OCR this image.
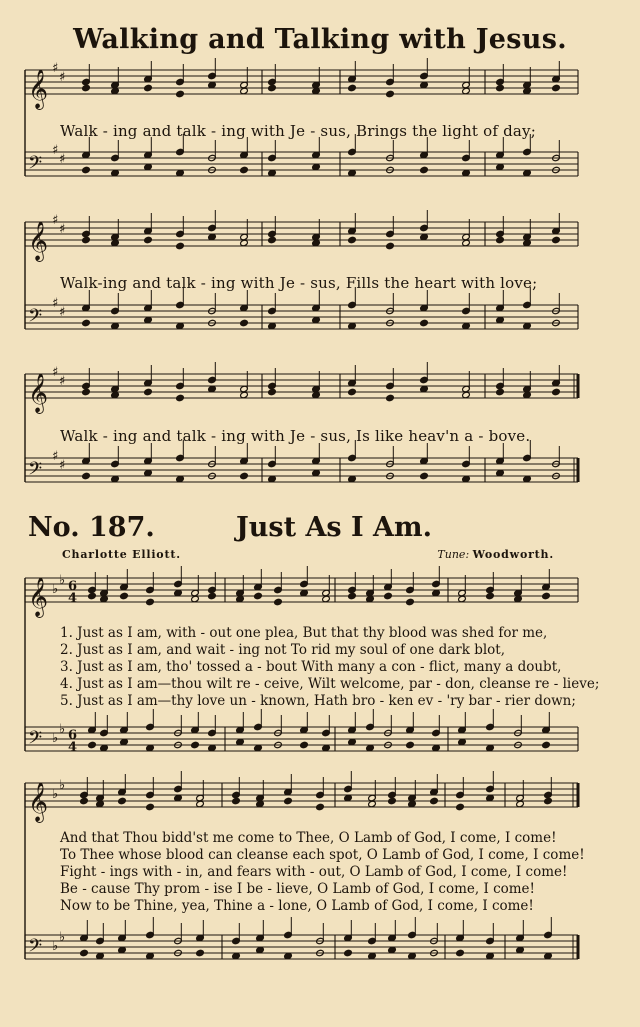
𝄞
♯
♯
𝄢
♯
♯
𝄞
♯
♯
𝄢
♯
♯
𝄞
♯
♯
𝄢
♯
♯
𝄞 ♭
♭ 6
4
𝄢 ♭
♭ 6
4
𝄞 ♭
♭
𝄢 ♭
♭
Walking and Talking with Jesus.
Walk - ing and talk - ing with Je - sus, Brings the light of day;
Walk-ing and talk - ing with Je - sus, Fills the heart with love;
Walk - ing and talk - ing with Je - sus, Is like heav'n a - bove.
No. 187.	Just As I Am.
Charlotte Elliott.	Tune: Woodworth.
1. Just as I am, with - out one plea, But that thy blood was shed for me,
2. Just as I am, and wait - ing not To rid my soul of one dark blot,
3. Just as I am, tho' tossed a - bout With many a con - flict, many a doubt,
4. Just as I am—thou wilt re - ceive, Wilt welcome, par - don, cleanse re - lieve;
5. Just as I am—thy love un - known, Hath bro - ken ev - 'ry bar - rier down;
And that Thou bidd'st me come to Thee, O Lamb of God, I come, I come!
To Thee whose blood can cleanse each spot, O Lamb of God, I come, I come!
Fight - ings with - in, and fears with - out, O Lamb of God, I come, I come!
Be - cause Thy prom - ise I be - lieve, O Lamb of God, I come, I come!
Now to be Thine, yea, Thine a - lone, O Lamb of God, I come, I come!
